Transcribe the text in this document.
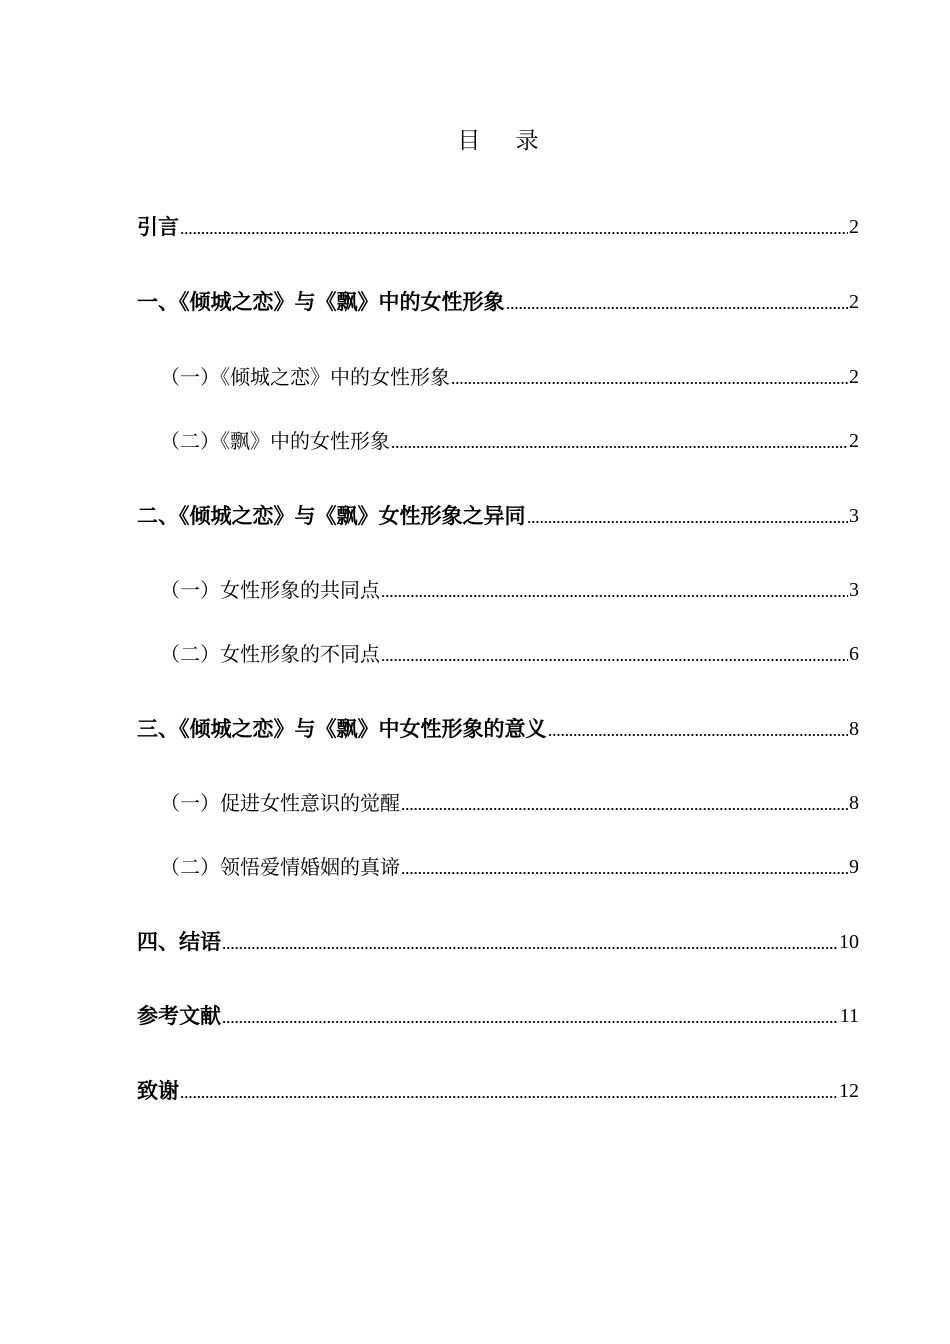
目 录
引言	2
一、《倾城之恋》与《飘》中的女性形象	2
（一）《倾城之恋》中的女性形象	2
（二）《飘》中的女性形象	2
二、《倾城之恋》与《飘》女性形象之异同	3
（一）女性形象的共同点	3
（二）女性形象的不同点	6
三、《倾城之恋》与《飘》中女性形象的意义	8
（一）促进女性意识的觉醒	8
（二）领悟爱情婚姻的真谛	9
四、结语	10
参考文献	11
致谢	12
